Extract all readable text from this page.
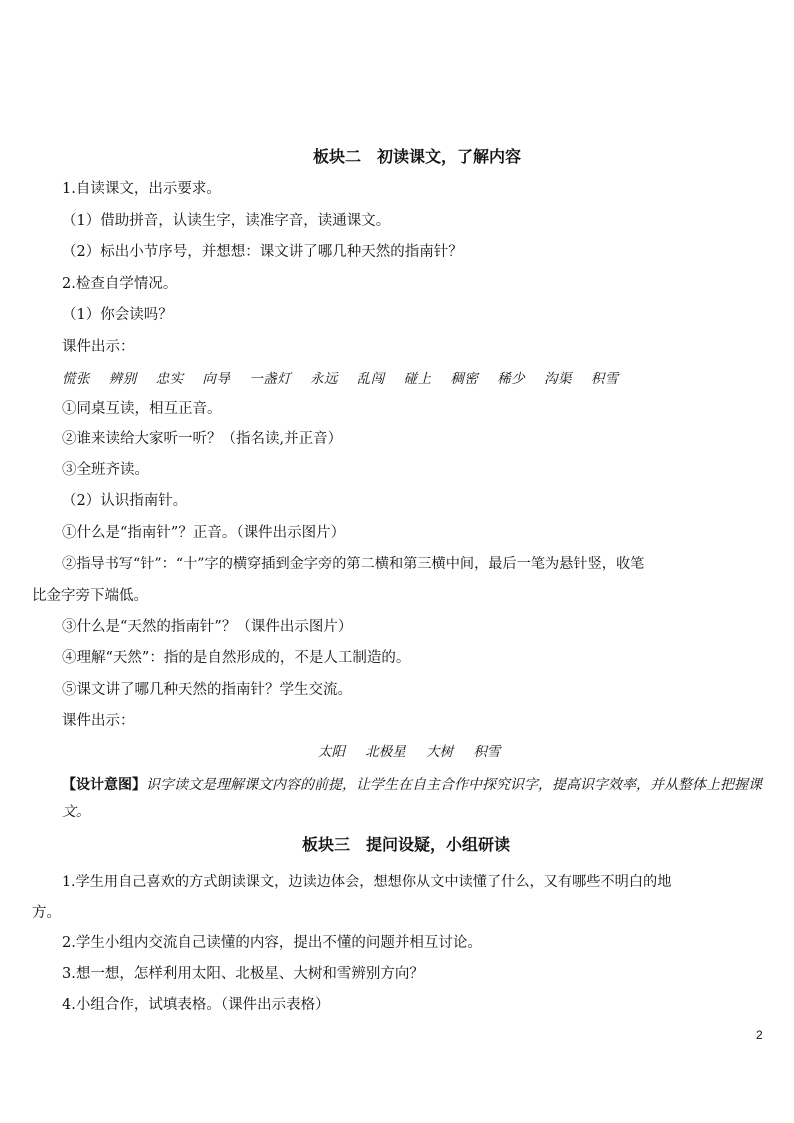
板块二　初读课文，了解内容
1.自读课文，出示要求。
（1）借助拼音，认读生字，读准字音，读通课文。
（2）标出小节序号，并想想：课文讲了哪几种天然的指南针？
2.检查自学情况。
（1）你会读吗？
课件出示：
慌张 辨别 忠实 向导 一盏灯 永远 乱闯 碰上 稠密 稀少 沟渠 积雪
①同桌互读，相互正音。
②谁来读给大家听一听？（指名读,并正音）
③全班齐读。
（2）认识指南针。
①什么是“指南针”？正音。（课件出示图片）
②指导书写“针”：“十”字的横穿插到金字旁的第二横和第三横中间，最后一笔为悬针竖，收笔
比金字旁下端低。
③什么是“天然的指南针”？（课件出示图片）
④理解“天然”：指的是自然形成的，不是人工制造的。
⑤课文讲了哪几种天然的指南针？学生交流。
课件出示：
太阳 北极星 大树 积雪
【设计意图】识字读文是理解课文内容的前提，让学生在自主合作中探究识字，提高识字效率，并从整体上把握课文。
板块三　提问设疑，小组研读
1.学生用自己喜欢的方式朗读课文，边读边体会，想想你从文中读懂了什么，又有哪些不明白的地
方。
2.学生小组内交流自己读懂的内容，提出不懂的问题并相互讨论。
3.想一想，怎样利用太阳、北极星、大树和雪辨别方向？
4.小组合作，试填表格。（课件出示表格）
2
